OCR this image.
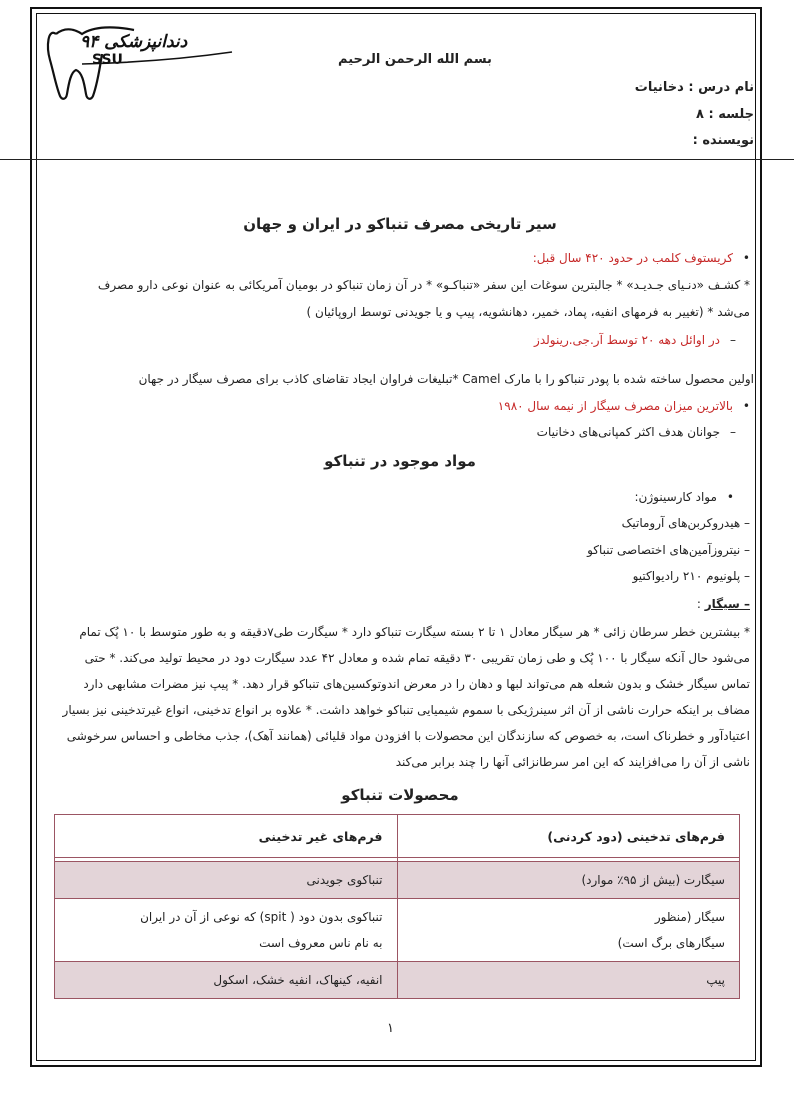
دندانپزشکی ۹۴
SSU	بسم الله الرحمن الرحیم
نام درس : دخانیات
جلسه : ۸
نویسنده :
سیر تاریخی مصرف تنباکو در ایران و جهان
•کریستوف کلمب در حدود ۴۲۰ سال قبل:
* کشـف «دنـیای جـدیـد» * جالبترین سوغات این سفر «تنباکـو» * در آن زمان تنباکو در بومیان آمریکائی به عنوان نوعی دارو مصرف
می‌شد * (تغییر به فرمهای انفیه، پماد، خمیر، دهانشویه، پیپ و یا جویدنی توسط اروپائیان )
–در اوائل دهه ۲۰ توسط آر.جی.رینولدز
اولین محصول ساخته شده با پودر تنباکو را با مارک Camel *تبلیغات فراوان ایجاد تقاضای کاذب برای مصرف سیگار در جهان
•بالاترین میزان مصرف سیگار از نیمه سال ۱۹۸۰
–جوانان هدف اکثر کمپانی‌های دخانیات
مواد موجود در تنباکو
•مواد کارسینوژن:
– هیدروکربن‌های آروماتیک
– نیتروزآمین‌های اختصاصی تنباکو
– پلونیوم ۲۱۰ رادیواکتیو
– سیگار :
* بیشترین خطر سرطان زائی * هر سیگار معادل ۱ تا ۲ بسته سیگارت تنباکو دارد * سیگارت طی۷دقیقه و به طور متوسط با ۱۰ پُک تمام
می‌شود حال آنکه سیگار با ۱۰۰ پُک و طی زمان تقریبی ۳۰ دقیقه تمام شده و معادل ۴۲ عدد سیگارت دود در محیط تولید می‌کند. * حتی
تماس سیگار خشک و بدون شعله هم می‌تواند لبها و دهان را در معرض اندوتوکسین‌های تنباکو قرار دهد. * پیپ نیز مضرات مشابهی دارد
مضاف بر اینکه حرارت ناشی از آن اثر سینرژیکی با سموم شیمیایی تنباکو خواهد داشت. * علاوه بر انواع تدخینی، انواع غیرتدخینی نیز بسیار
اعتیادآور و خطرناک است، به خصوص که سازندگان این محصولات با افزودن مواد قلیائی (همانند آهک)، جذب مخاطی و احساس سرخوشی
ناشی از آن را می‌افزایند که این امر سرطانزائی آنها را چند برابر می‌کند
محصولات تنباکو
فرم‌های تدخینی (دود کردنی)	فرم‌های غیر تدخینی

سیگارت (بیش از ۹۵٪ موارد)	تنباکوی جویدنی
سیگار (منظور
سیگارهای برگ است)	تنباکوی بدون دود ( spit) که نوعی از آن در ایران
به نام ناس معروف است
پیپ	انفیه، کینهاک، انفیه خشک، اسکول
۱
